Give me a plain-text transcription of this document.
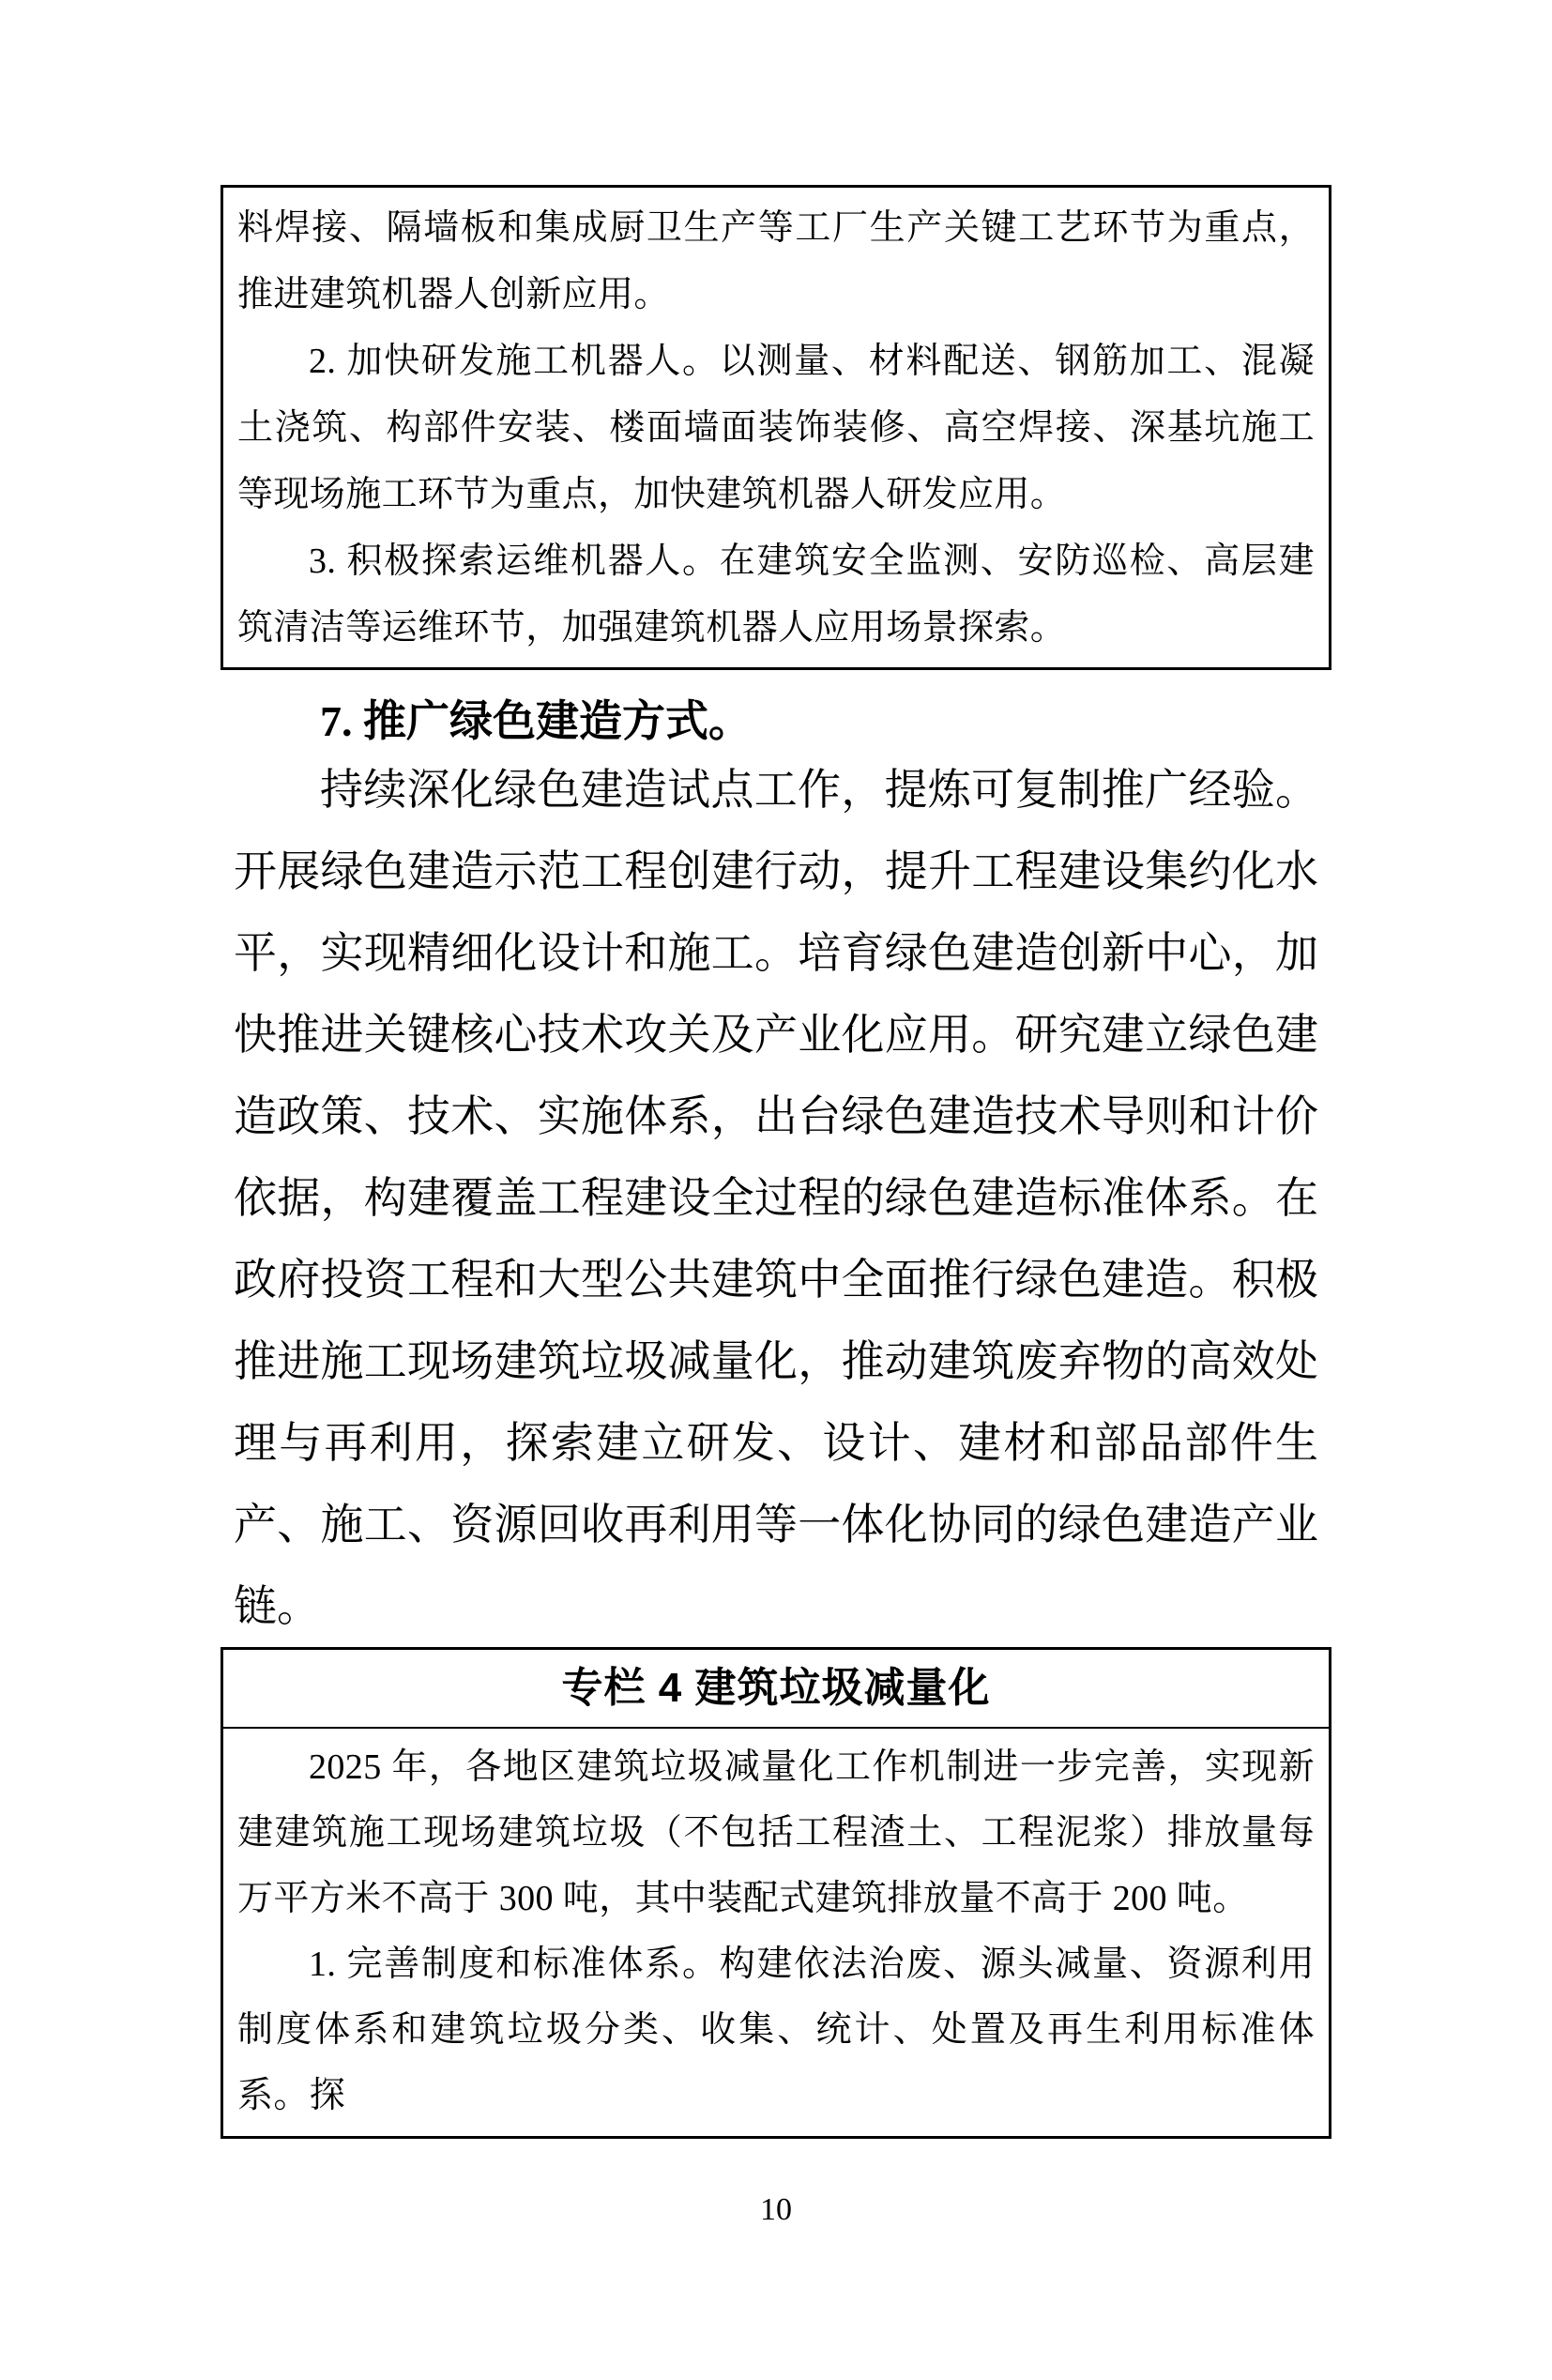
料焊接、隔墙板和集成厨卫生产等工厂生产关键工艺环节为重点，推进建筑机器人创新应用。

2. 加快研发施工机器人。以测量、材料配送、钢筋加工、混凝土浇筑、构部件安装、楼面墙面装饰装修、高空焊接、深基坑施工等现场施工环节为重点，加快建筑机器人研发应用。

3. 积极探索运维机器人。在建筑安全监测、安防巡检、高层建筑清洁等运维环节，加强建筑机器人应用场景探索。

7. 推广绿色建造方式。

持续深化绿色建造试点工作，提炼可复制推广经验。开展绿色建造示范工程创建行动，提升工程建设集约化水平，实现精细化设计和施工。培育绿色建造创新中心，加快推进关键核心技术攻关及产业化应用。研究建立绿色建造政策、技术、实施体系，出台绿色建造技术导则和计价依据，构建覆盖工程建设全过程的绿色建造标准体系。在政府投资工程和大型公共建筑中全面推行绿色建造。积极推进施工现场建筑垃圾减量化，推动建筑废弃物的高效处理与再利用，探索建立研发、设计、建材和部品部件生产、施工、资源回收再利用等一体化协同的绿色建造产业链。

专栏 4 建筑垃圾减量化

2025 年，各地区建筑垃圾减量化工作机制进一步完善，实现新建建筑施工现场建筑垃圾（不包括工程渣土、工程泥浆）排放量每万平方米不高于 300 吨，其中装配式建筑排放量不高于 200 吨。

1. 完善制度和标准体系。构建依法治废、源头减量、资源利用制度体系和建筑垃圾分类、收集、统计、处置及再生利用标准体系。探

10
